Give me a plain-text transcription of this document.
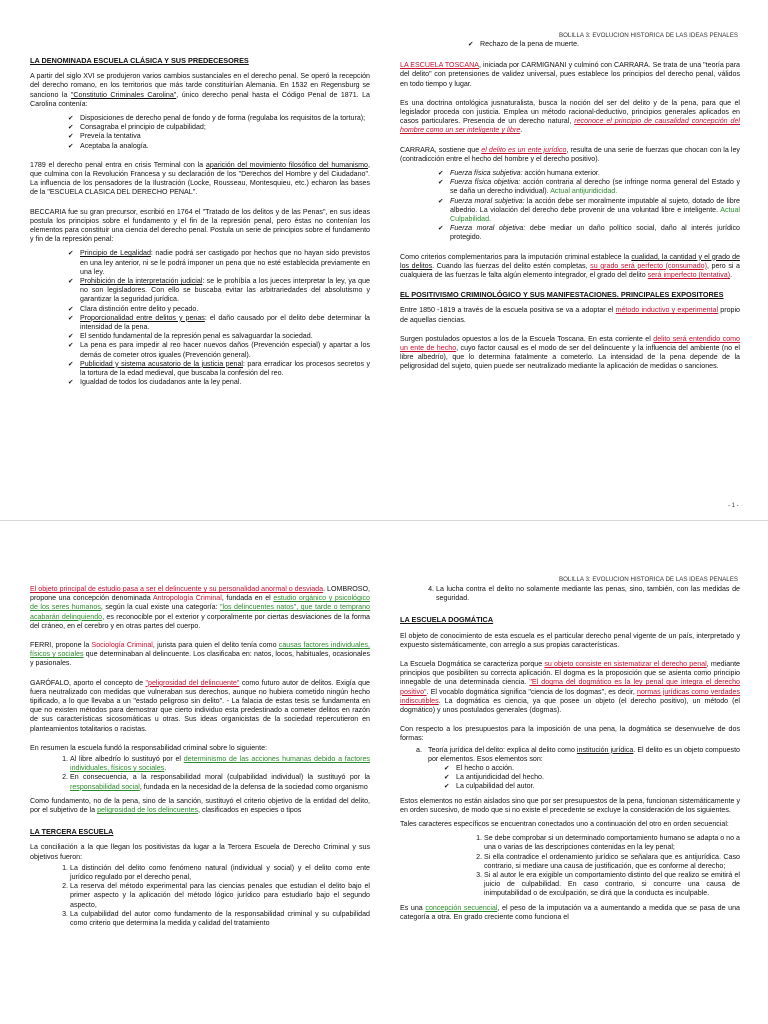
BOLILLA 3: EVOLUCION HISTORICA DE LAS IDEAS PENALES
LA DENOMINADA ESCUELA CLÁSICA Y SUS PREDECESORES

A partir del siglo XVI se produjeron varios cambios sustanciales en el derecho penal. Se operó la recepción del derecho romano, en los territorios que más tarde constituirían Alemania. En 1532 en Regensburg se sanciono la "Constitutio Criminales Carolina", único derecho penal hasta el Código Penal de 1871. La Carolina contenía:

✔ Disposiciones de derecho penal de fondo y de forma (regulaba los requisitos de la tortura);
✔ Consagraba el principio de culpabilidad;
✔ Preveía la tentativa
✔ Aceptaba la analogía.

1789 el derecho penal entra en crisis Terminal con la aparición del movimiento filosófico del humanismo, que culmina con la Revolución Francesa y su declaración de los "Derechos del Hombre y del Ciudadano". La influencia de los pensadores de la Ilustración (Locke, Rousseau, Montesquieu, etc.) echaron las bases de la "ESCUELA CLASICA DEL DERECHO PENAL".

BECCARIA fue su gran precursor, escribió en 1764 el "Tratado de los delitos y de las Penas", en sus ideas postula los principios sobre el fundamento y el fin de la represión penal, pero éstas no contenían los elementos para constituir una ciencia del derecho penal. Postula un serie de principios sobre el fundamento y fin de la represión penal:

✔ Principio de Legalidad: nadie podrá ser castigado por hechos que no hayan sido previstos en una ley anterior, ni se le podrá imponer un pena que no esté establecida previamente en una ley.
✔ Prohibición de la interpretación judicial: se le prohíbía a los jueces interpretar la ley, ya que no son legisladores. Con ello se buscaba evitar las arbitrariedades del absolutismo y garantizar la seguridad jurídica.
✔ Clara distinción entre delito y pecado.
✔ Proporcionalidad entre delitos y penas: el daño causado por el delito debe determinar la intensidad de la pena.
✔ El sentido fundamental de la represión penal es salvaguardar la sociedad.
✔ La pena es para impedir al reo hacer nuevos daños (Prevención especial) y apartar a los demás de cometer otros iguales (Prevención general).
✔ Publicidad y sistema acusatorio de la justicia penal: para erradicar los procesos secretos y la tortura de la edad medieval, que buscaba la confesión del reo.
✔ Igualdad de todos los ciudadanos ante la ley penal.
✔ Rechazo de la pena de muerte.

LA ESCUELA TOSCANA, iniciada por CARMIGNANI y culminó con CARRARA. Se trata de una "teoría para del delito" con pretensiones de validez universal, pues establece los principios del derecho penal, válidos en todo tiempo y lugar.

Es una doctrina ontológica jusnaturalista, busca la noción del ser del delito y de la pena, para que el legislador proceda con justicia. Emplea un método racional-deductivo, principios generales aplicados en casos particulares. Presencia de un derecho natural, reconoce el principio de causalidad concepción del hombre como un ser inteligente y libre.

CARRARA, sostiene que el delito es un ente jurídico, resulta de una serie de fuerzas que chocan con la ley (contradicción entre el hecho del hombre y el derecho positivo).

✔ Fuerza física subjetiva: acción humana exterior.
✔ Fuerza física objetiva: acción contraria al derecho (se infringe norma general del Estado y se daña un derecho individual). Actual antijuridicidad.
✔ Fuerza moral subjetiva: la acción debe ser moralmente imputable al sujeto, dotado de libre albedrio. La violación del derecho debe provenir de una voluntad libre e inteligente. Actual Culpabilidad.
✔ Fuerza moral objetiva: debe mediar un daño político social, daño al interés jurídico protegido.

Como criterios complementarios para la imputación criminal establece la cualidad, la cantidad y el grado de los delitos. Cuando las fuerzas del delito estén completas, su grado será perfecto (consumado), pero si a cualquiera de las fuerzas le falta algún elemento integrador, el grado del delito será imperfecto (tentativa).

EL POSITIVISMO CRIMINOLÓGICO Y SUS MANIFESTACIONES. PRINCIPALES EXPOSITORES

Entre 1850 -1819 a través de la escuela positiva se va a adoptar el método inductivo y experimental propio de aquellas ciencias.

Surgen postulados opuestos a los de la Escuela Toscana. En esta corriente el delito será entendido como un ente de hecho, cuyo factor causal es el modo de ser del delincuente y la influencia del ambiente (no el libre albedrío), que lo determina fatalmente a cometerlo. La intensidad de la pena depende de la peligrosidad del sujeto, quien puede ser neutralizado mediante la aplicación de medidas o sanciones.

- 1 -
BOLILLA 3: EVOLUCION HISTORICA DE LAS IDEAS PENALES

El objeto principal de estudio pasa a ser el delincuente y su personalidad anormal o desviada. LOMBROSO, propone una concepción denominada Antropología Criminal, fundada en el estudio orgánico y psicológico de los seres humanos, según la cual existe una categoría: "los delincuentes natos", que tarde o temprano acabarán delinquiendo, es reconocible por el exterior y corporalmente por ciertas desviaciones de la forma del cráneo, en el cerebro y en otras partes del cuerpo.

FERRI, propone la Sociología Criminal, jurista para quien el delito tenía como causas factores individuales, físicos y sociales que determinaban al delincuente. Los clasificaba en: natos, locos, habituales, ocasionales y pasionales.

GARÓFALO, aporto el concepto de "peligrosidad del delincuente" como futuro autor de delitos. Exigía que fuera neutralizado con medidas que vulneraban sus derechos, aunque no hubiera cometido ningún hecho tipificado, a lo que llevaba a un "estado peligroso sin delito". - La falacia de estas tesis se fundamenta en que no existen métodos para demostrar que cierto individuo esta predestinado a cometer delitos en razón de sus características sicosomáticas u otras. Sus ideas organicistas de la sociedad repercutieron en planteamientos totalitarios o racistas.

En resumen la escuela fundó la responsabilidad criminal sobre lo siguiente:

1. Al libre albedrío lo sustituyó por el determinismo de las acciones humanas debido a factores individuales, físicos y sociales.
2. En consecuencia, a la responsabilidad moral (culpabilidad individual) la sustituyó por la responsabilidad social, fundada en la necesidad de la defensa de la sociedad como organismo

Como fundamento, no de la pena, sino de la sanción, sustituyó el criterio objetivo de la entidad del delito, por el subjetivo de la peligrosidad de los delincuentes, clasificados en especies o tipos

LA TERCERA ESCUELA

La conciliación a la que llegan los positivistas da lugar a la Tercera Escuela de Derecho Criminal y sus objetivos fueron:

1. La distinción del delito como fenómeno natural (individual y social) y el delito como ente jurídico regulado por el derecho penal,
2. La reserva del método experimental para las ciencias penales que estudian el delito bajo el primer aspecto y la aplicación del método lógico jurídico para estudiarlo bajo el segundo aspecto,
3. La culpabilidad del autor como fundamento de la responsabilidad criminal y su culpabilidad como criterio que determina la medida y calidad del tratamiento
4. La lucha contra el delito no solamente mediante las penas, sino, también, con las medidas de seguridad.
LA ESCUELA DOGMÁTICA

El objeto de conocimiento de esta escuela es el particular derecho penal vigente de un país, interpretado y expuesto sistemáticamente, con arreglo a sus propias características.

La Escuela Dogmática se caracteriza porque su objeto consiste en sistematizar el derecho penal, mediante principios que posibiliten su correcta aplicación. El dogma es la proposición que se asienta como principio innegable de una determinada ciencia. "El dogma del dogmático es la ley penal que integra el derecho positivo". El vocablo dogmática significa "ciencia de los dogmas", es decir, normas jurídicas como verdades indiscutibles. La dogmática es ciencia, ya que posee un objeto (el derecho positivo), un método (el dogmático) y unos postulados generales (dogmas).

Con respecto a los presupuestos para la imposición de una pena, la dogmática se desenvuelve de dos formas:

a. Teoría jurídica del delito: explica al delito como institución jurídica. El delito es un objeto compuesto por elementos. Esos elementos son:
✔ El hecho o acción.
✔ La antijuridicidad del hecho.
✔ La culpabilidad del autor.

Estos elementos no están aislados sino que por ser presupuestos de la pena, funcionan sistemáticamente y en orden sucesivo, de modo que si no existe el precedente se excluye la consideración de los siguientes.

Tales caracteres específicos se encuentran conectados uno a continuación del otro en orden secuencial:

1. Se debe comprobar si un determinado comportamiento humano se adapta o no a una o varias de las descripciones contenidas en la ley penal;
2. Si ella contradice el ordenamiento jurídico se señalara que es antijurídica. Caso contrario, si mediare una causa de justificación, que es conforme al derecho;
3. Si al autor le era exigible un comportamiento distinto del que realizo se emitirá el juicio de culpabilidad. En caso contrario, si concurre una causa de inimputabilidad o de exculpación, se dirá que la conducta es inculpable.

Es una concepción secuencial, el peso de la imputación va a aumentando a medida que se pasa de una categoría a otra. En grado creciente como funciona el
